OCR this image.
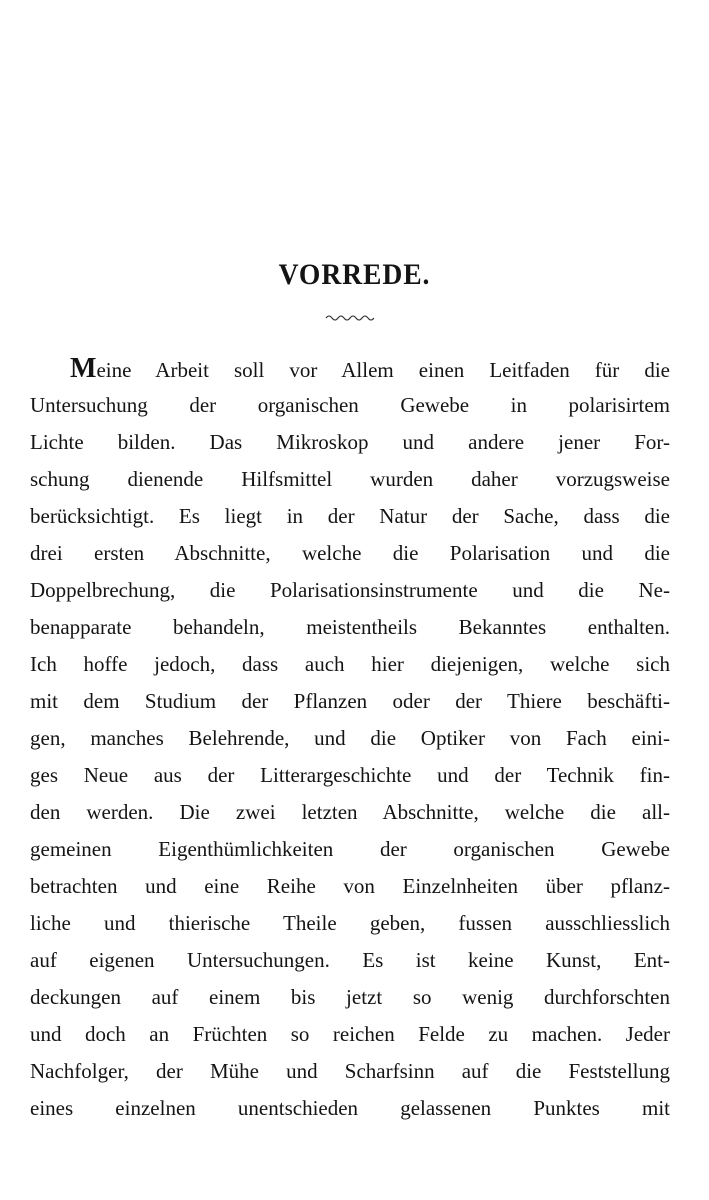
VORREDE.
Meine Arbeit soll vor Allem einen Leitfaden für die
Untersuchung der organischen Gewebe in polarisirtem
Lichte bilden. Das Mikroskop und andere jener For-
schung dienende Hilfsmittel wurden daher vorzugsweise
berücksichtigt. Es liegt in der Natur der Sache, dass die
drei ersten Abschnitte, welche die Polarisation und die
Doppelbrechung, die Polarisationsinstrumente und die Ne-
benapparate behandeln, meistentheils Bekanntes enthalten.
Ich hoffe jedoch, dass auch hier diejenigen, welche sich
mit dem Studium der Pflanzen oder der Thiere beschäfti-
gen, manches Belehrende, und die Optiker von Fach eini-
ges Neue aus der Litterargeschichte und der Technik fin-
den werden. Die zwei letzten Abschnitte, welche die all-
gemeinen Eigenthümlichkeiten der organischen Gewebe
betrachten und eine Reihe von Einzelnheiten über pflanz-
liche und thierische Theile geben, fussen ausschliesslich
auf eigenen Untersuchungen. Es ist keine Kunst, Ent-
deckungen auf einem bis jetzt so wenig durchforschten
und doch an Früchten so reichen Felde zu machen. Jeder
Nachfolger, der Mühe und Scharfsinn auf die Feststellung
eines einzelnen unentschieden gelassenen Punktes mit
